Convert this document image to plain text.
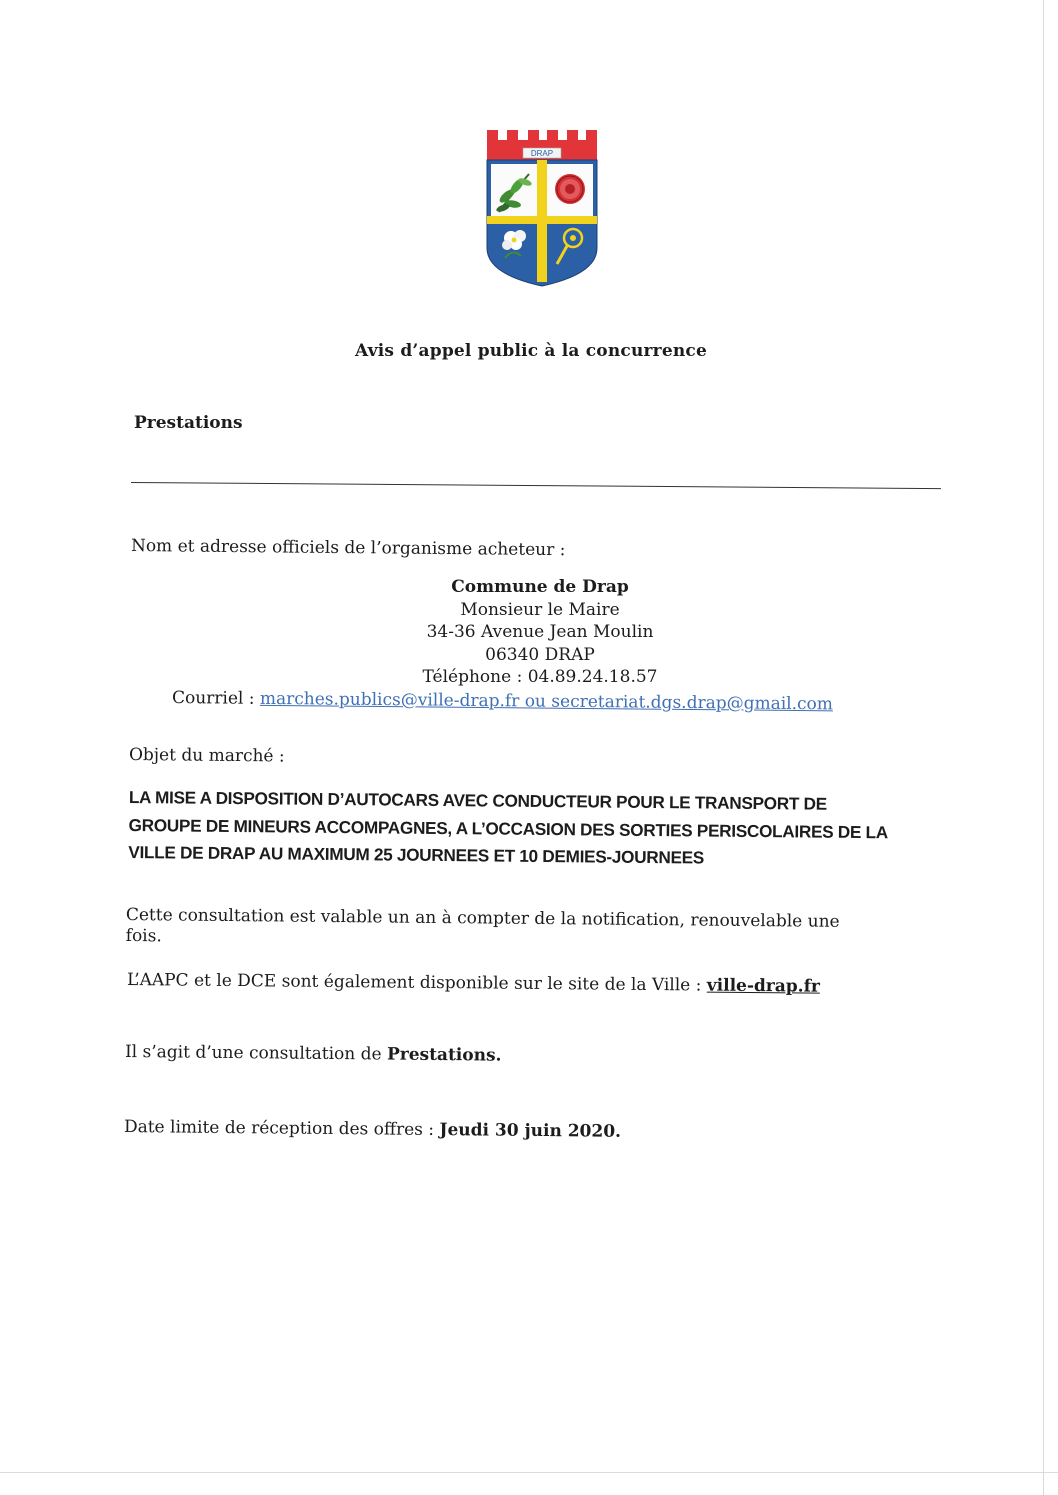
DRAP
Avis d’appel public à la concurrence
Prestations
Nom et adresse officiels de l’organisme acheteur :
Commune de Drap
Monsieur le Maire
34-36 Avenue Jean Moulin
06340 DRAP
Téléphone : 04.89.24.18.57
Courriel : marches.publics@ville-drap.fr ou secretariat.dgs.drap@gmail.com
Objet du marché :
LA MISE A DISPOSITION D’AUTOCARS AVEC CONDUCTEUR POUR LE TRANSPORT DE
GROUPE DE MINEURS ACCOMPAGNES, A L’OCCASION DES SORTIES PERISCOLAIRES DE LA
VILLE DE DRAP AU MAXIMUM 25 JOURNEES ET 10 DEMIES-JOURNEES
Cette consultation est valable un an à compter de la notification, renouvelable une
fois.
L’AAPC et le DCE sont également disponible sur le site de la Ville : ville-drap.fr
Il s’agit d’une consultation de Prestations.
Date limite de réception des offres : Jeudi 30 juin 2020.
